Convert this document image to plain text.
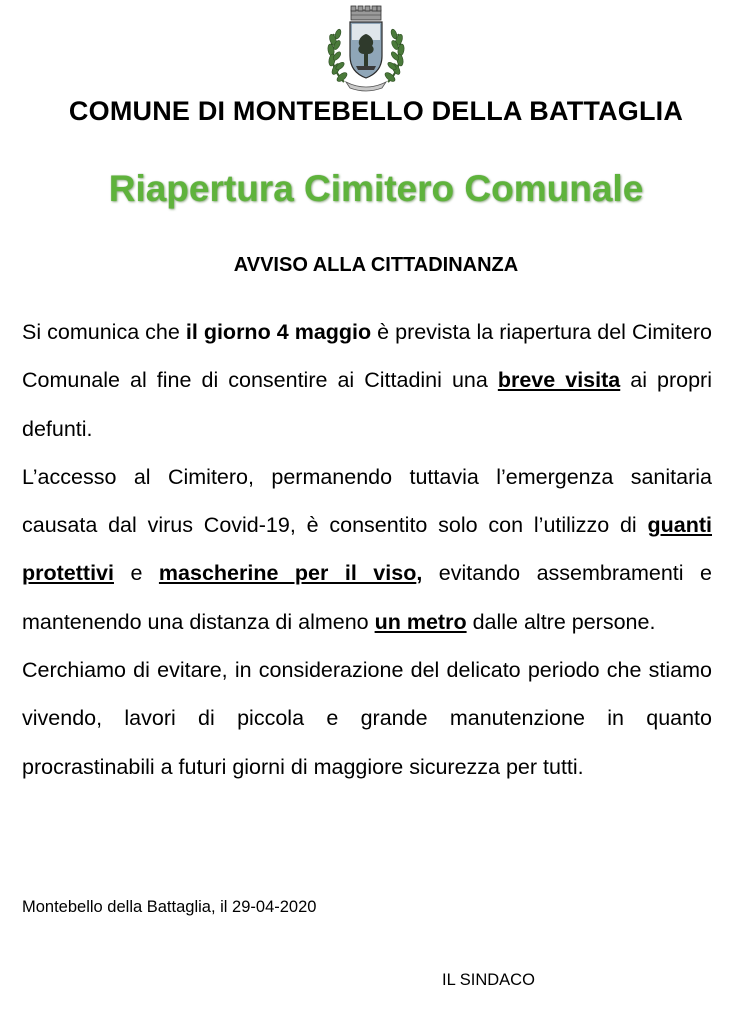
COMUNE DI MONTEBELLO DELLA BATTAGLIA
Riapertura Cimitero Comunale
AVVISO ALLA CITTADINANZA

Si comunica che il giorno 4 maggio è prevista la riapertura del Cimitero Comunale al fine di consentire ai Cittadini una breve visita ai propri defunti.

L’accesso al Cimitero, permanendo tuttavia l’emergenza sanitaria causata dal virus Covid-19, è consentito solo con l’utilizzo di guanti protettivi e mascherine per il viso, evitando assembramenti e mantenendo una distanza di almeno un metro dalle altre persone.

Cerchiamo di evitare, in considerazione del delicato periodo che stiamo vivendo, lavori di piccola e grande manutenzione in quanto procrastinabili a futuri giorni di maggiore sicurezza per tutti.

Montebello della Battaglia, il 29-04-2020
IL SINDACO
